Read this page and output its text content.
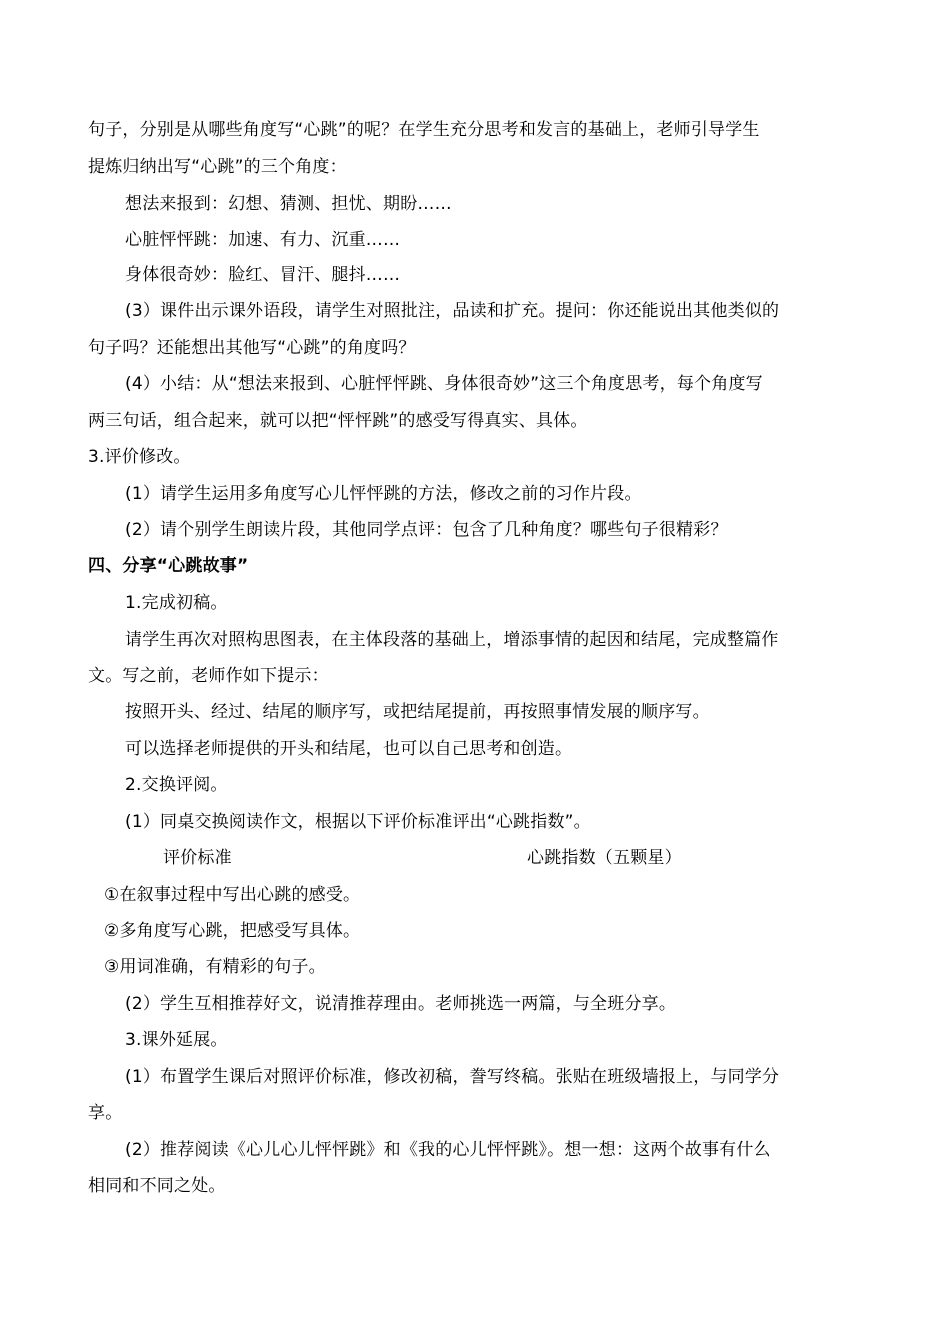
句子，分别是从哪些角度写“心跳”的呢？在学生充分思考和发言的基础上，老师引导学生
提炼归纳出写“心跳”的三个角度：
想法来报到：幻想、猜测、担忧、期盼……
心脏怦怦跳：加速、有力、沉重……
身体很奇妙：脸红、冒汗、腿抖……
(3）课件出示课外语段，请学生对照批注，品读和扩充。提问：你还能说出其他类似的
句子吗？还能想出其他写“心跳”的角度吗？
(4）小结：从“想法来报到、心脏怦怦跳、身体很奇妙”这三个角度思考，每个角度写
两三句话，组合起来，就可以把“怦怦跳”的感受写得真实、具体。
3.评价修改。
(1）请学生运用多角度写心儿怦怦跳的方法，修改之前的习作片段。
(2）请个别学生朗读片段，其他同学点评：包含了几种角度？哪些句子很精彩？
四、分享“心跳故事”
1.完成初稿。
请学生再次对照构思图表，在主体段落的基础上，增添事情的起因和结尾，完成整篇作
文。写之前，老师作如下提示：
按照开头、经过、结尾的顺序写，或把结尾提前，再按照事情发展的顺序写。
可以选择老师提供的开头和结尾，也可以自己思考和创造。
2.交换评阅。
(1）同桌交换阅读作文，根据以下评价标准评出“心跳指数”。
评价标准	心跳指数（五颗星）
①在叙事过程中写出心跳的感受。
②多角度写心跳，把感受写具体。
③用词准确，有精彩的句子。
(2）学生互相推荐好文，说清推荐理由。老师挑选一两篇，与全班分享。
3.课外延展。
(1）布置学生课后对照评价标准，修改初稿，誊写终稿。张贴在班级墙报上，与同学分
享。
(2）推荐阅读《心儿心儿怦怦跳》和《我的心儿怦怦跳》。想一想：这两个故事有什么
相同和不同之处。
